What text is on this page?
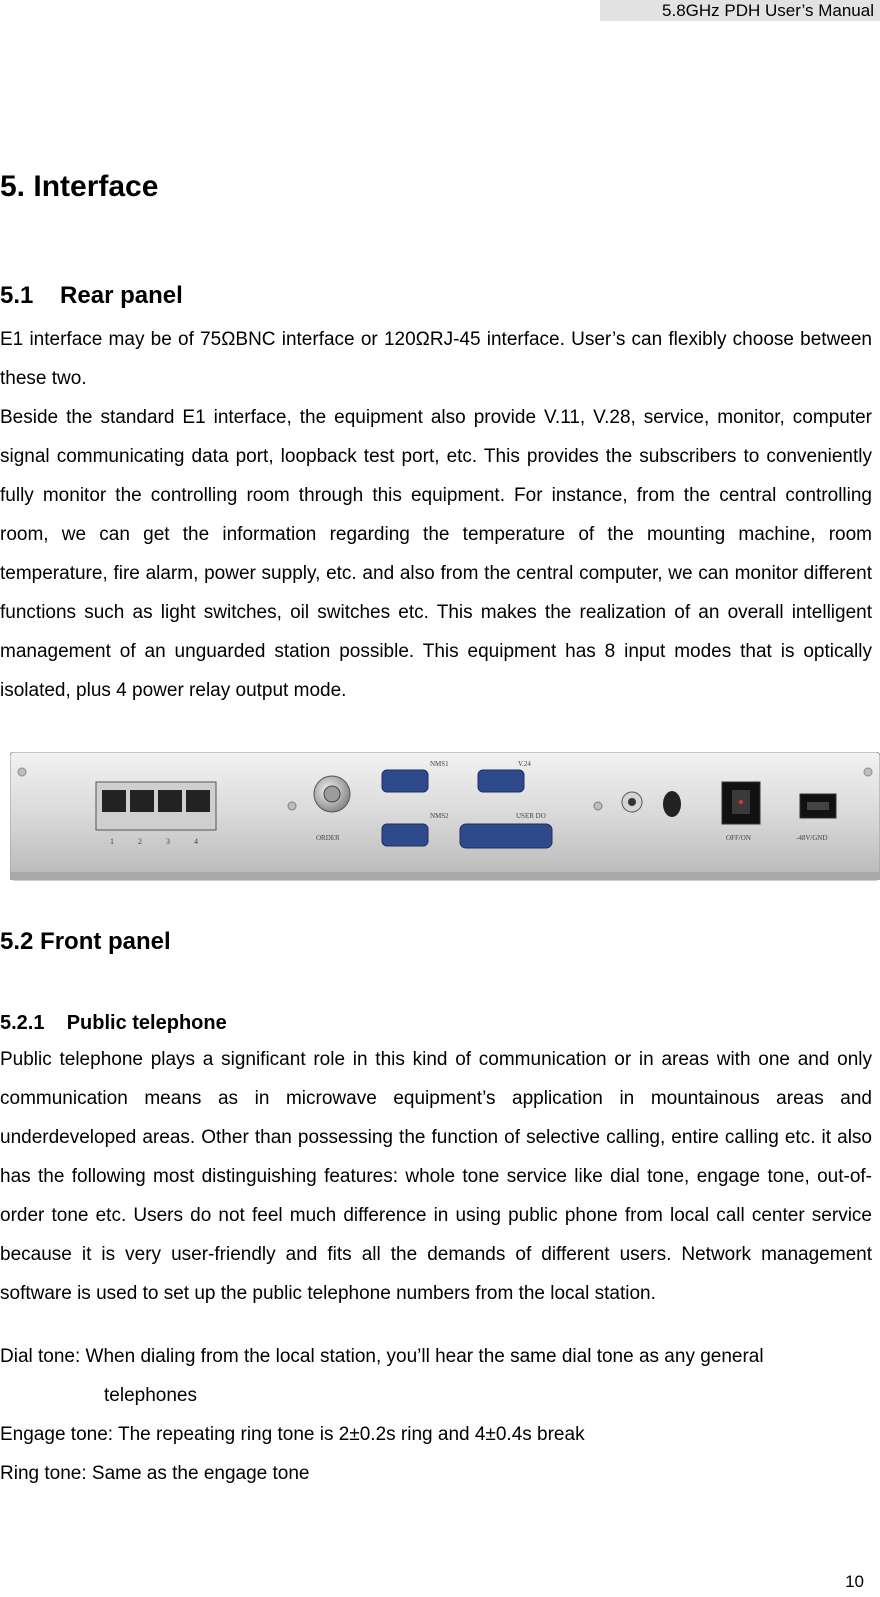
5.8GHz PDH User’s Manual
5. Interface
5.1    Rear panel

E1 interface may be of 75ΩBNC interface or 120ΩRJ-45 interface. User’s can flexibly choose between these two.

Beside the standard E1 interface, the equipment also provide V.11, V.28, service, monitor, computer signal communicating data port, loopback test port, etc. This provides the subscribers to conveniently fully monitor the controlling room through this equipment. For instance, from the central controlling room, we can get the information regarding the temperature of the mounting machine, room temperature, fire alarm, power supply, etc. and also from the central computer, we can monitor different functions such as light switches, oil switches etc. This makes the realization of an overall intelligent management of an unguarded station possible. This equipment has 8 input modes that is optically isolated, plus 4 power relay output mode.

1	2	3	4	ORDER
NMS1	V.24
NMS2	USER DO
OFF/ON	-48V/GND
5.2 Front panel
5.2.1    Public telephone

Public telephone plays a significant role in this kind of communication or in areas with one and only communication means as in microwave equipment’s application in mountainous areas and underdeveloped areas. Other than possessing the function of selective calling, entire calling etc. it also has the following most distinguishing features: whole tone service like dial tone, engage tone, out-of-order tone etc. Users do not feel much difference in using public phone from local call center service because it is very user-friendly and fits all the demands of different users. Network management software is used to set up the public telephone numbers from the local station.

Dial tone: When dialing from the local station, you’ll hear the same dial tone as any general
telephones
Engage tone: The repeating ring tone is 2±0.2s ring and 4±0.4s break
Ring tone: Same as the engage tone
10
